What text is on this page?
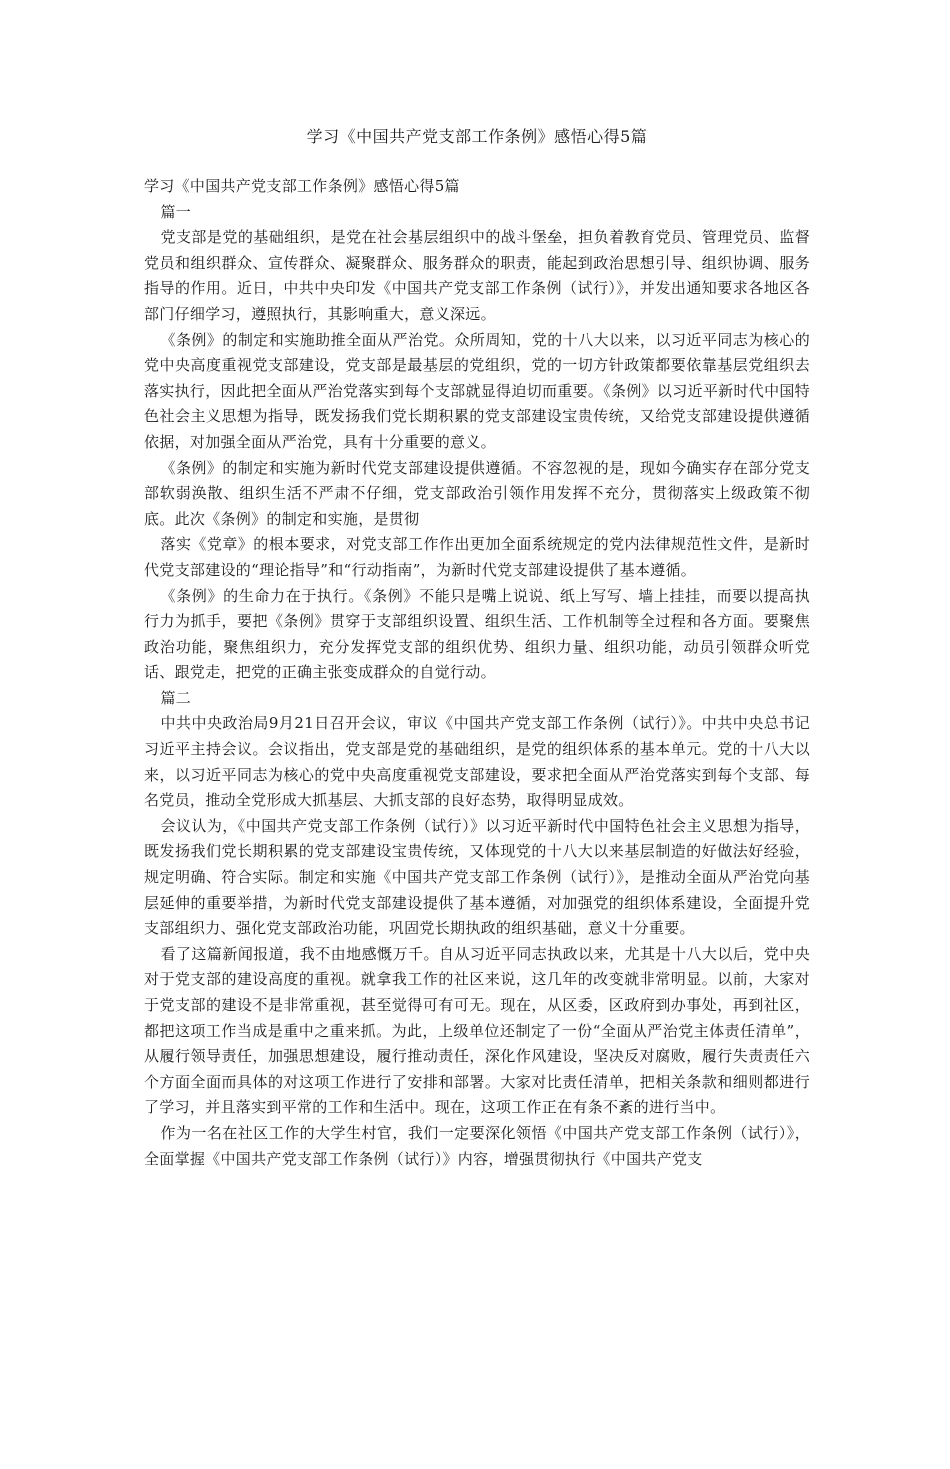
学习《中国共产党支部工作条例》感悟心得5篇

学习《中国共产党支部工作条例》感悟心得5篇

篇一

党支部是党的基础组织，是党在社会基层组织中的战斗堡垒，担负着教育党员、管理党员、监督党员和组织群众、宣传群众、凝聚群众、服务群众的职责，能起到政治思想引导、组织协调、服务指导的作用。近日，中共中央印发《中国共产党支部工作条例（试行）》，并发出通知要求各地区各部门仔细学习，遵照执行，其影响重大，意义深远。

《条例》的制定和实施助推全面从严治党。众所周知，党的十八大以来，以习近平同志为核心的党中央高度重视党支部建设，党支部是最基层的党组织，党的一切方针政策都要依靠基层党组织去落实执行，因此把全面从严治党落实到每个支部就显得迫切而重要。《条例》以习近平新时代中国特色社会主义思想为指导，既发扬我们党长期积累的党支部建设宝贵传统，又给党支部建设提供遵循依据，对加强全面从严治党，具有十分重要的意义。

《条例》的制定和实施为新时代党支部建设提供遵循。不容忽视的是，现如今确实存在部分党支部软弱涣散、组织生活不严肃不仔细，党支部政治引领作用发挥不充分，贯彻落实上级政策不彻底。此次《条例》的制定和实施，是贯彻

落实《党章》的根本要求，对党支部工作作出更加全面系统规定的党内法律规范性文件，是新时代党支部建设的“理论指导”和“行动指南”，为新时代党支部建设提供了基本遵循。

《条例》的生命力在于执行。《条例》不能只是嘴上说说、纸上写写、墙上挂挂，而要以提高执行力为抓手，要把《条例》贯穿于支部组织设置、组织生活、工作机制等全过程和各方面。要聚焦政治功能，聚焦组织力，充分发挥党支部的组织优势、组织力量、组织功能，动员引领群众听党话、跟党走，把党的正确主张变成群众的自觉行动。

篇二

中共中央政治局9月21日召开会议，审议《中国共产党支部工作条例（试行）》。中共中央总书记习近平主持会议。会议指出，党支部是党的基础组织，是党的组织体系的基本单元。党的十八大以来，以习近平同志为核心的党中央高度重视党支部建设，要求把全面从严治党落实到每个支部、每名党员，推动全党形成大抓基层、大抓支部的良好态势，取得明显成效。

会议认为，《中国共产党支部工作条例（试行）》以习近平新时代中国特色社会主义思想为指导，既发扬我们党长期积累的党支部建设宝贵传统，又体现党的十八大以来基层制造的好做法好经验，规定明确、符合实际。制定和实施《中国共产党支部工作条例（试行）》，是推动全面从严治党向基层延伸的重要举措，为新时代党支部建设提供了基本遵循，对加强党的组织体系建设，全面提升党支部组织力、强化党支部政治功能，巩固党长期执政的组织基础，意义十分重要。

看了这篇新闻报道，我不由地感慨万千。自从习近平同志执政以来，尤其是十八大以后，党中央对于党支部的建设高度的重视。就拿我工作的社区来说，这几年的改变就非常明显。以前，大家对于党支部的建设不是非常重视，甚至觉得可有可无。现在，从区委，区政府到办事处，再到社区，都把这项工作当成是重中之重来抓。为此，上级单位还制定了一份“全面从严治党主体责任清单”，从履行领导责任，加强思想建设，履行推动责任，深化作风建设，坚决反对腐败，履行失责责任六个方面全面而具体的对这项工作进行了安排和部署。大家对比责任清单，把相关条款和细则都进行了学习，并且落实到平常的工作和生活中。现在，这项工作正在有条不紊的进行当中。

作为一名在社区工作的大学生村官，我们一定要深化领悟《中国共产党支部工作条例（试行）》，全面掌握《中国共产党支部工作条例（试行）》内容，增强贯彻执行《中国共产党支
